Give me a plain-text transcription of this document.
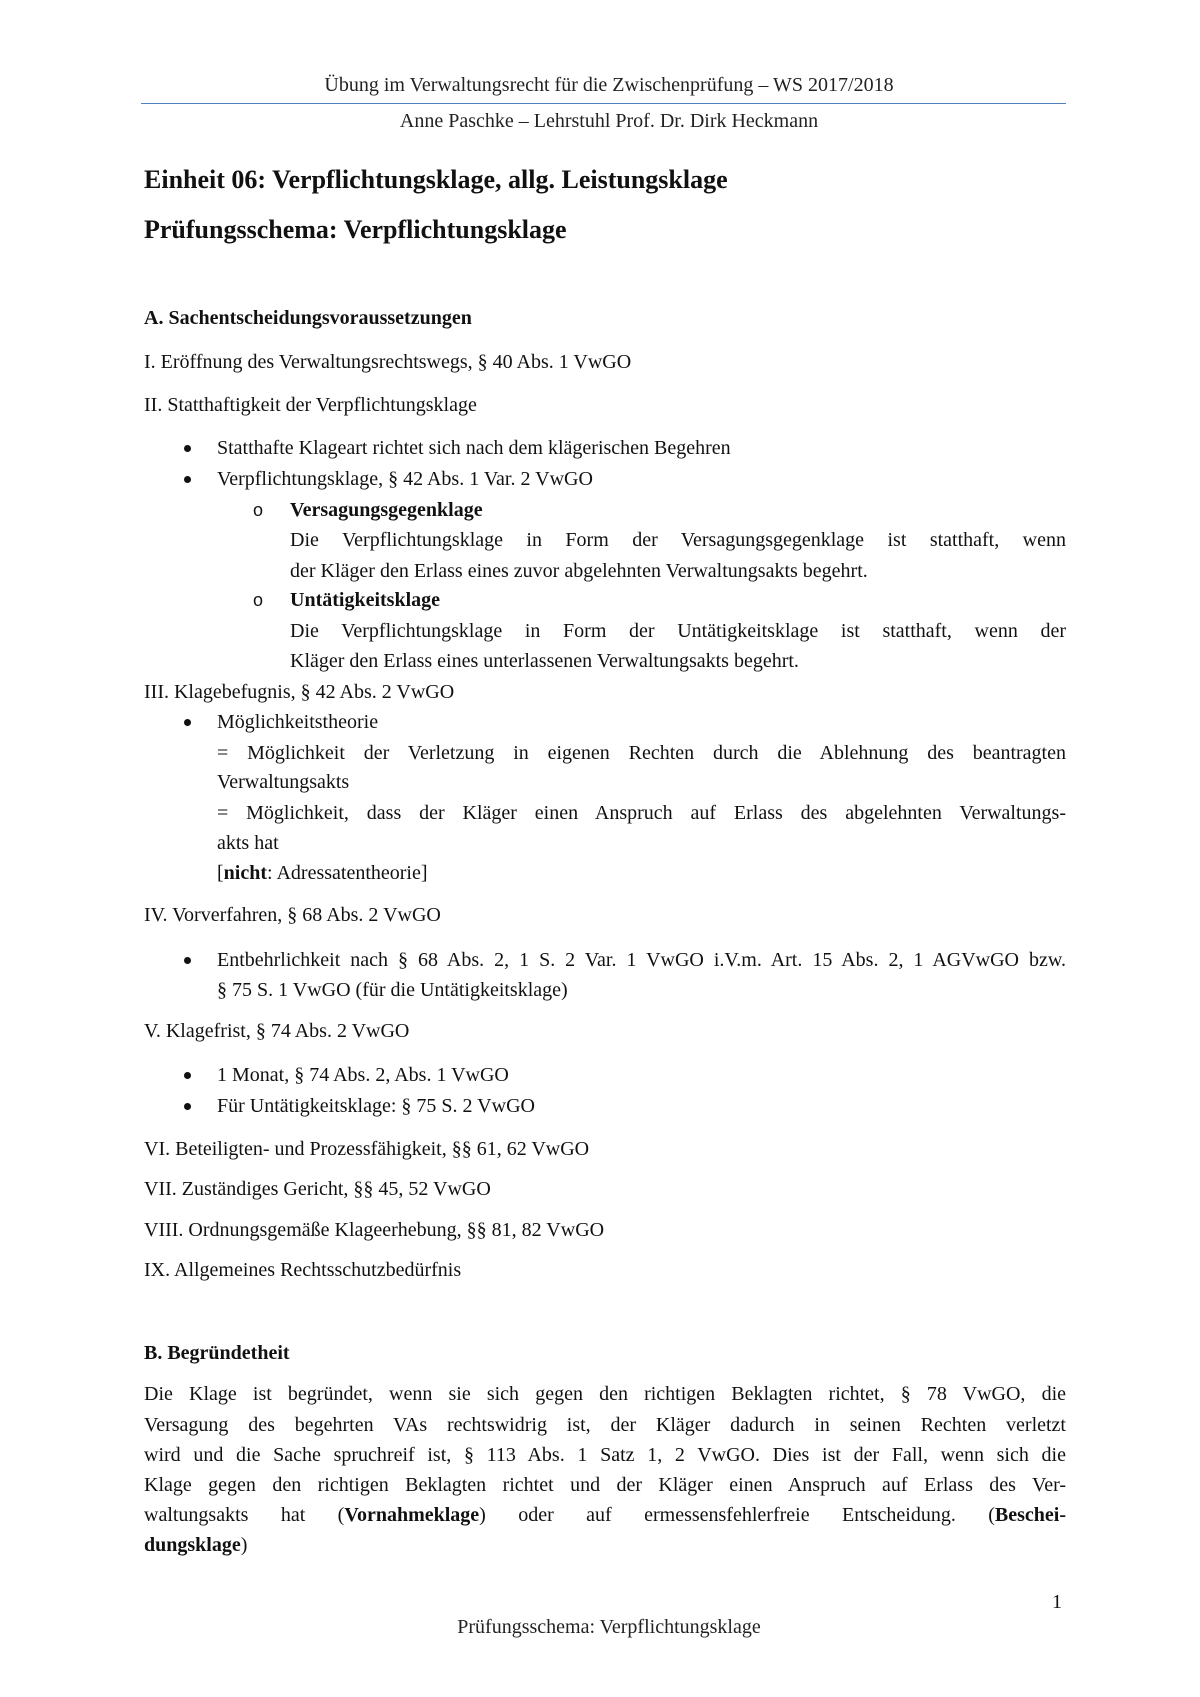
Übung im Verwaltungsrecht für die Zwischenprüfung – WS 2017/2018
Anne Paschke – Lehrstuhl Prof. Dr. Dirk Heckmann
Einheit 06: Verpflichtungsklage, allg. Leistungsklage
Prüfungsschema: Verpflichtungsklage
A. Sachentscheidungsvoraussetzungen
I. Eröffnung des Verwaltungsrechtswegs, § 40 Abs. 1 VwGO
II. Statthaftigkeit der Verpflichtungsklage
Statthafte Klageart richtet sich nach dem klägerischen Begehren
Verpflichtungsklage, § 42 Abs. 1 Var. 2 VwGO
o Versagungsgegenklage
Die Verpflichtungsklage in Form der Versagungsgegenklage ist statthaft, wenn
der Kläger den Erlass eines zuvor abgelehnten Verwaltungsakts begehrt.
o Untätigkeitsklage
Die Verpflichtungsklage in Form der Untätigkeitsklage ist statthaft, wenn der
Kläger den Erlass eines unterlassenen Verwaltungsakts begehrt.
III. Klagebefugnis, § 42 Abs. 2 VwGO
Möglichkeitstheorie
= Möglichkeit der Verletzung in eigenen Rechten durch die Ablehnung des beantragten
Verwaltungsakts
= Möglichkeit, dass der Kläger einen Anspruch auf Erlass des abgelehnten Verwaltungs-
akts hat
[nicht: Adressatentheorie]
IV. Vorverfahren, § 68 Abs. 2 VwGO
Entbehrlichkeit nach § 68 Abs. 2, 1 S. 2 Var. 1 VwGO i.V.m. Art. 15 Abs. 2, 1 AGVwGO bzw.
§ 75 S. 1 VwGO (für die Untätigkeitsklage)
V. Klagefrist, § 74 Abs. 2 VwGO
1 Monat, § 74 Abs. 2, Abs. 1 VwGO
Für Untätigkeitsklage: § 75 S. 2 VwGO
VI. Beteiligten- und Prozessfähigkeit, §§ 61, 62 VwGO
VII. Zuständiges Gericht, §§ 45, 52 VwGO
VIII. Ordnungsgemäße Klageerhebung, §§ 81, 82 VwGO
IX. Allgemeines Rechtsschutzbedürfnis
B. Begründetheit
Die Klage ist begründet, wenn sie sich gegen den richtigen Beklagten richtet, § 78 VwGO, die
Versagung des begehrten VAs rechtswidrig ist, der Kläger dadurch in seinen Rechten verletzt
wird und die Sache spruchreif ist, § 113 Abs. 1 Satz 1, 2 VwGO. Dies ist der Fall, wenn sich die
Klage gegen den richtigen Beklagten richtet und der Kläger einen Anspruch auf Erlass des Ver-
waltungsakts hat (Vornahmeklage) oder auf ermessensfehlerfreie Entscheidung. (Beschei-
dungsklage)
1
Prüfungsschema: Verpflichtungsklage
